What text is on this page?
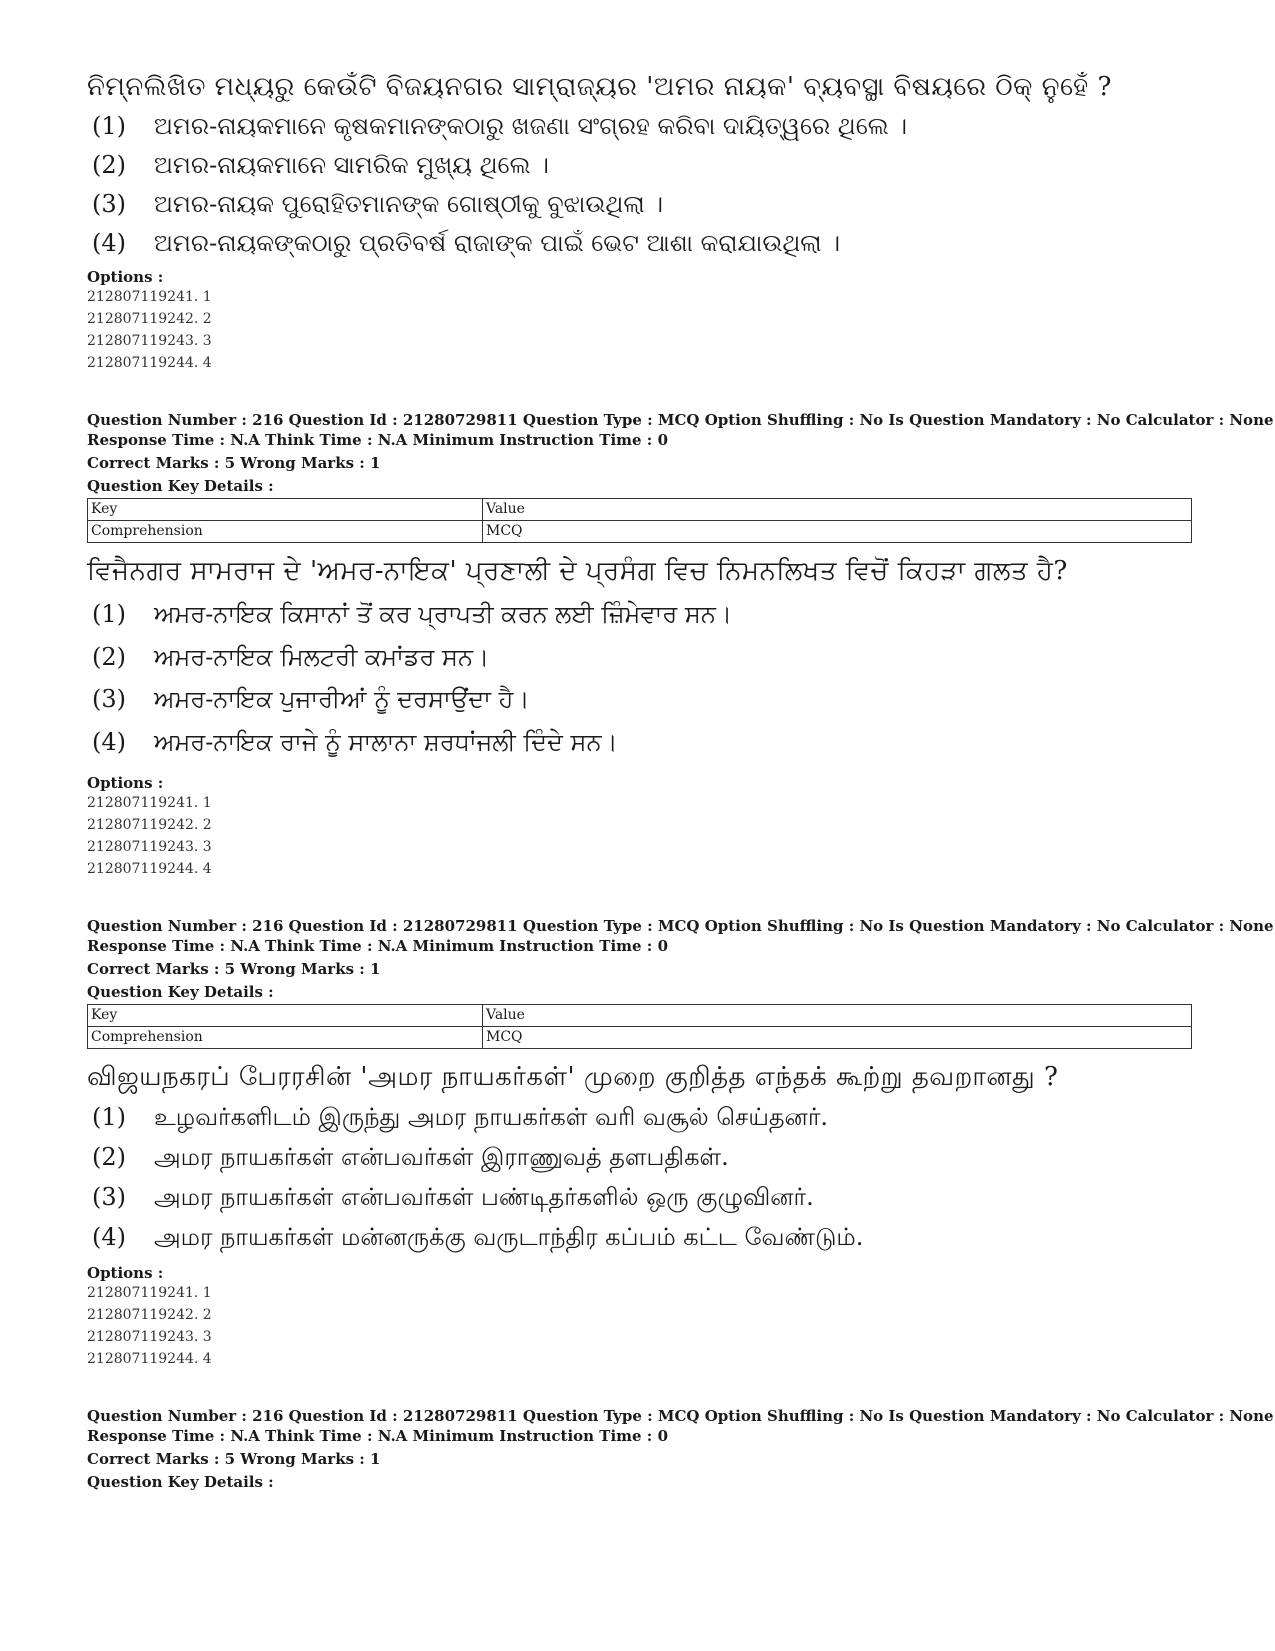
ନିମ୍ନଲିଖିତ ମଧ୍ୟରୁ କେଉଁଟି ବିଜୟନଗର ସାମ୍ରାଜ୍ୟର 'ଅମର ନାୟକ' ବ୍ୟବସ୍ଥା ବିଷୟରେ ଠିକ୍ ନୁହେଁ ?
(1) ଅମର-ନାୟକମାନେ କୃଷକମାନଙ୍କଠାରୁ ଖଜଣା ସଂଗ୍ରହ କରିବା ଦାୟିତ୍ୱରେ ଥିଲେ ।
(2) ଅମର-ନାୟକମାନେ ସାମରିକ ମୁଖ୍ୟ ଥିଲେ ।
(3) ଅମର-ନାୟକ ପୁରୋହିତମାନଙ୍କ ଗୋଷ୍ଠୀକୁ ବୁଝାଉଥିଲା ।
(4) ଅମର-ନାୟକଙ୍କଠାରୁ ପ୍ରତିବର୍ଷ ରାଜାଙ୍କ ପାଇଁ ଭେଟ ଆଶା କରାଯାଉଥିଲା ।
Options :
212807119241. 1
212807119242. 2
212807119243. 3
212807119244. 4
Question Number : 216 Question Id : 21280729811 Question Type : MCQ Option Shuffling : No Is Question Mandatory : No Calculator : None
Response Time : N.A Think Time : N.A Minimum Instruction Time : 0
Correct Marks : 5 Wrong Marks : 1
Question Key Details :
Key	Value
Comprehension	MCQ
ਵਿਜੈਨਗਰ ਸਾਮਰਾਜ ਦੇ 'ਅਮਰ-ਨਾਇਕ' ਪ੍ਰਣਾਲੀ ਦੇ ਪ੍ਰਸੰਗ ਵਿਚ ਨਿਮਨਲਿਖਤ ਵਿਚੋਂ ਕਿਹੜਾ ਗਲਤ ਹੈ?
(1) ਅਮਰ-ਨਾਇਕ ਕਿਸਾਨਾਂ ਤੋਂ ਕਰ ਪ੍ਰਾਪਤੀ ਕਰਨ ਲਈ ਜ਼ਿੰਮੇਵਾਰ ਸਨ।
(2) ਅਮਰ-ਨਾਇਕ ਮਿਲਟਰੀ ਕਮਾਂਡਰ ਸਨ।
(3) ਅਮਰ-ਨਾਇਕ ਪੁਜਾਰੀਆਂ ਨੂੰ ਦਰਸਾਉਂਦਾ ਹੈ।
(4) ਅਮਰ-ਨਾਇਕ ਰਾਜੇ ਨੂੰ ਸਾਲਾਨਾ ਸ਼ਰਧਾਂਜਲੀ ਦਿੰਦੇ ਸਨ।
Options :
212807119241. 1
212807119242. 2
212807119243. 3
212807119244. 4
Question Number : 216 Question Id : 21280729811 Question Type : MCQ Option Shuffling : No Is Question Mandatory : No Calculator : None
Response Time : N.A Think Time : N.A Minimum Instruction Time : 0
Correct Marks : 5 Wrong Marks : 1
Question Key Details :
Key	Value
Comprehension	MCQ
விஜயநகரப் பேரரசின் 'அமர நாயகர்கள்' முறை குறித்த எந்தக் கூற்று தவறானது ?
(1) உழவர்களிடம் இருந்து அமர நாயகர்கள் வரி வசூல் செய்தனர்.
(2) அமர நாயகர்கள் என்பவர்கள் இராணுவத் தளபதிகள்.
(3) அமர நாயகர்கள் என்பவர்கள் பண்டிதர்களில் ஒரு குழுவினர்.
(4) அமர நாயகர்கள் மன்னருக்கு வருடாந்திர கப்பம் கட்ட வேண்டும்.
Options :
212807119241. 1
212807119242. 2
212807119243. 3
212807119244. 4
Question Number : 216 Question Id : 21280729811 Question Type : MCQ Option Shuffling : No Is Question Mandatory : No Calculator : None
Response Time : N.A Think Time : N.A Minimum Instruction Time : 0
Correct Marks : 5 Wrong Marks : 1
Question Key Details :
